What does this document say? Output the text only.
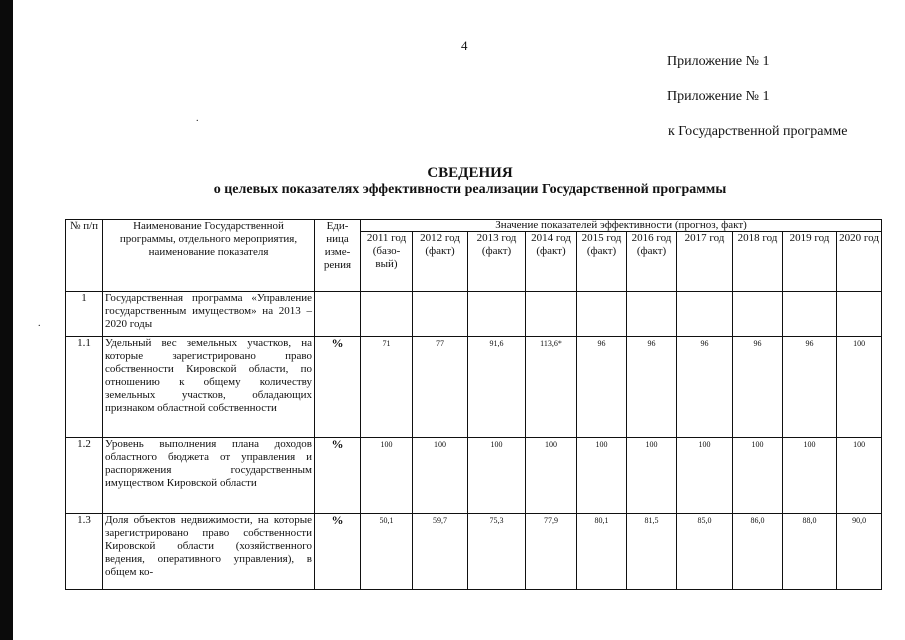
4
Приложение № 1
Приложение № 1
к Государственной программе
.
.
СВЕДЕНИЯ
о целевых показателях эффективности реализации Государственной программы
№ п/п	Наименование Государственной программы, отдельного мероприятия, наименование показателя	Еди-ница изме-рения	Значение показателей эффективности (прогноз, факт)									
			2011 год (базо-вый)	2012 год (факт)	2013 год (факт)	2014 год (факт)	2015 год (факт)	2016 год (факт)	2017 год	2018 год	2019 год	2020 год
1	Государственная программа «Управление государственным имуществом» на 2013 – 2020 годы											
1.1	Удельный вес земельных участков, на которые зарегистрировано право собственности Кировской области, по отношению к общему количеству земельных участков, обладающих признаком областной собственности	%	71	77	91,6	113,6*	96	96	96	96	96	100
1.2	Уровень выполнения плана доходов областного бюджета от управления и распоряжения государственным имуществом Кировской области	%	100	100	100	100	100	100	100	100	100	100
1.3	Доля объектов недвижимости, на которые зарегистрировано право собственности Кировской области (хозяйственного ведения, оперативного управления), в общем ко-	%	50,1	59,7	75,3	77,9	80,1	81,5	85,0	86,0	88,0	90,0
